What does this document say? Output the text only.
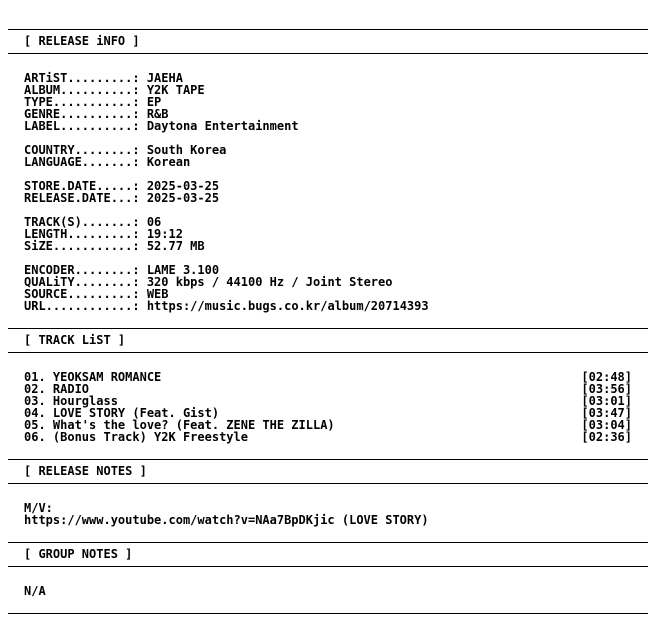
[ RELEASE iNFO ]
ARTiST.........: JAEHA
ALBUM..........: Y2K TAPE
TYPE...........: EP
GENRE..........: R&B
LABEL..........: Daytona Entertainment
COUNTRY........: South Korea
LANGUAGE.......: Korean
STORE.DATE.....: 2025-03-25
RELEASE.DATE...: 2025-03-25
TRACK(S).......: 06
LENGTH.........: 19:12
SiZE...........: 52.77 MB
ENCODER........: LAME 3.100
QUALiTY........: 320 kbps / 44100 Hz / Joint Stereo
SOURCE.........: WEB
URL............: https://music.bugs.co.kr/album/20714393
[ TRACK LiST ]
01. YEOKSAM ROMANCE	[02:48]
02. RADIO	[03:56]
03. Hourglass	[03:01]
04. LOVE STORY (Feat. Gist)	[03:47]
05. What's the love? (Feat. ZENE THE ZILLA)	[03:04]
06. (Bonus Track) Y2K Freestyle	[02:36]
[ RELEASE NOTES ]
M/V:
https://www.youtube.com/watch?v=NAa7BpDKjic (LOVE STORY)
[ GROUP NOTES ]
N/A
